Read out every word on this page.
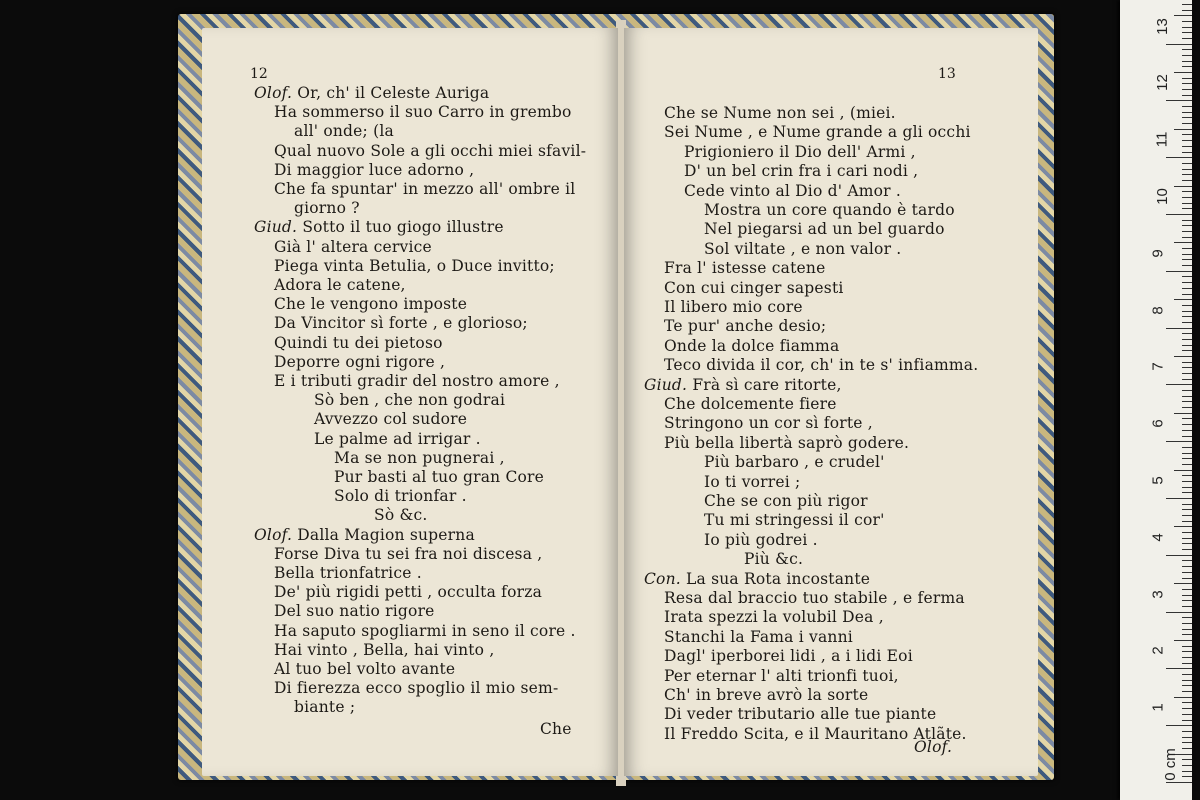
12
Olof. Or, ch' il Celeste Auriga
Ha sommerso il suo Carro in grembo
all' onde; (la
Qual nuovo Sole a gli occhi miei sfavil-
Di maggior luce adorno ,
Che fa spuntar' in mezzo all' ombre il
giorno ?
Giud. Sotto il tuo giogo illustre
Già l' altera cervice
Piega vinta Betulia, o Duce invitto;
Adora le catene,
Che le vengono imposte
Da Vincitor sì forte , e glorioso;
Quindi tu dei pietoso
Deporre ogni rigore ,
E i tributi gradir del nostro amore ,
Sò ben , che non godrai
Avvezzo col sudore
Le palme ad irrigar .
Ma se non pugnerai ,
Pur basti al tuo gran Core
Solo di trionfar .
Sò &c.
Olof. Dalla Magion superna
Forse Diva tu sei fra noi discesa ,
Bella trionfatrice .
De' più rigidi petti , occulta forza
Del suo natio rigore
Ha saputo spogliarmi in seno il core .
Hai vinto , Bella, hai vinto ,
Al tuo bel volto avante
Di fierezza ecco spoglio il mio sem-
biante ;
Che
13
Che se Nume non sei , (miei.
Sei Nume , e Nume grande a gli occhi
Prigioniero il Dio dell' Armi ,
D' un bel crin fra i cari nodi ,
Cede vinto al Dio d' Amor .
Mostra un core quando è tardo
Nel piegarsi ad un bel guardo
Sol viltate , e non valor .
Fra l' istesse catene
Con cui cinger sapesti
Il libero mio core
Te pur' anche desio;
Onde la dolce fiamma
Teco divida il cor, ch' in te s' infiamma.
Giud. Frà sì care ritorte,
Che dolcemente fiere
Stringono un cor sì forte ,
Più bella libertà saprò godere.
Più barbaro , e crudel'
Io ti vorrei ;
Che se con più rigor
Tu mi stringessi il cor'
Io più godrei .
Più &c.
Con. La sua Rota incostante
Resa dal braccio tuo stabile , e ferma
Irata spezzi la volubil Dea ,
Stanchi la Fama i vanni
Dagl' iperborei lidi , a i lidi Eoi
Per eternar l' alti trionfi tuoi,
Ch' in breve avrò la sorte
Di veder tributario alle tue piante
Il Freddo Scita, e il Mauritano Atlãte.
Olof.
0 cm
1
2
3
4
5
6
7
8
9
10
11
12
13
